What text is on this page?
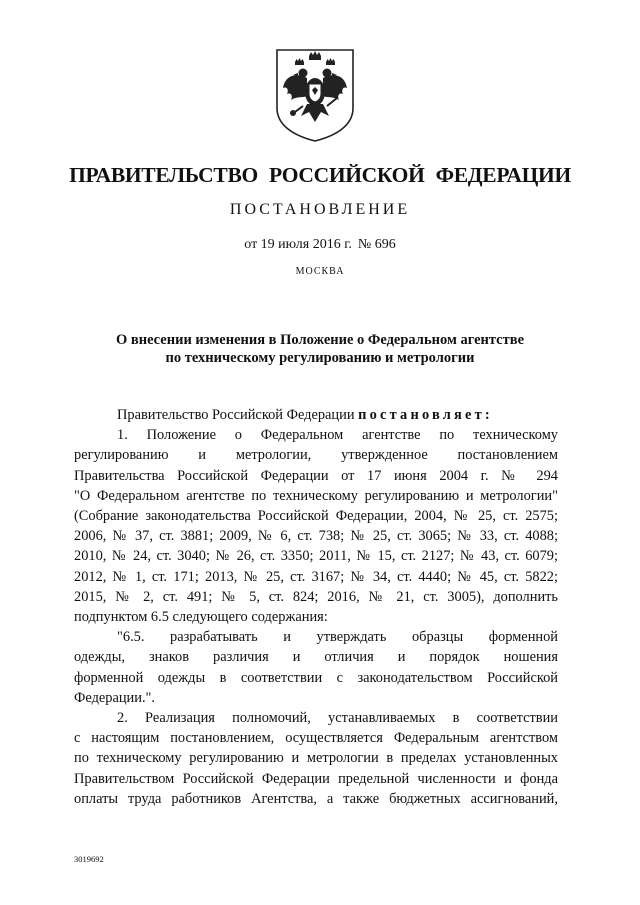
ПРАВИТЕЛЬСТВО РОССИЙСКОЙ ФЕДЕРАЦИИ
ПОСТАНОВЛЕНИЕ
от 19 июля 2016 г. № 696
МОСКВА
О внесении изменения в Положение о Федеральном агентстве
по техническому регулированию и метрологии

Правительство Российской Федерации постановляет:

1. Положение о Федеральном агентстве по техническому

регулированию и метрологии, утвержденное постановлением

Правительства Российской Федерации от 17 июня 2004 г. № 294

"О Федеральном агентстве по техническому регулированию и метрологии"

(Собрание законодательства Российской Федерации, 2004, № 25, ст. 2575;

2006, № 37, ст. 3881; 2009, № 6, ст. 738; № 25, ст. 3065; № 33, ст. 4088;

2010, № 24, ст. 3040; № 26, ст. 3350; 2011, № 15, ст. 2127; № 43, ст. 6079;

2012, № 1, ст. 171; 2013, № 25, ст. 3167; № 34, ст. 4440; № 45, ст. 5822;

2015, № 2, ст. 491; № 5, ст. 824; 2016, № 21, ст. 3005), дополнить

подпунктом 6.5 следующего содержания:

"6.5. разрабатывать и утверждать образцы форменной

одежды, знаков различия и отличия и порядок ношения

форменной одежды в соответствии с законодательством Российской

Федерации.".

2. Реализация полномочий, устанавливаемых в соответствии

с настоящим постановлением, осуществляется Федеральным агентством

по техническому регулированию и метрологии в пределах установленных

Правительством Российской Федерации предельной численности и фонда

оплаты труда работников Агентства, а также бюджетных ассигнований,

3019692
